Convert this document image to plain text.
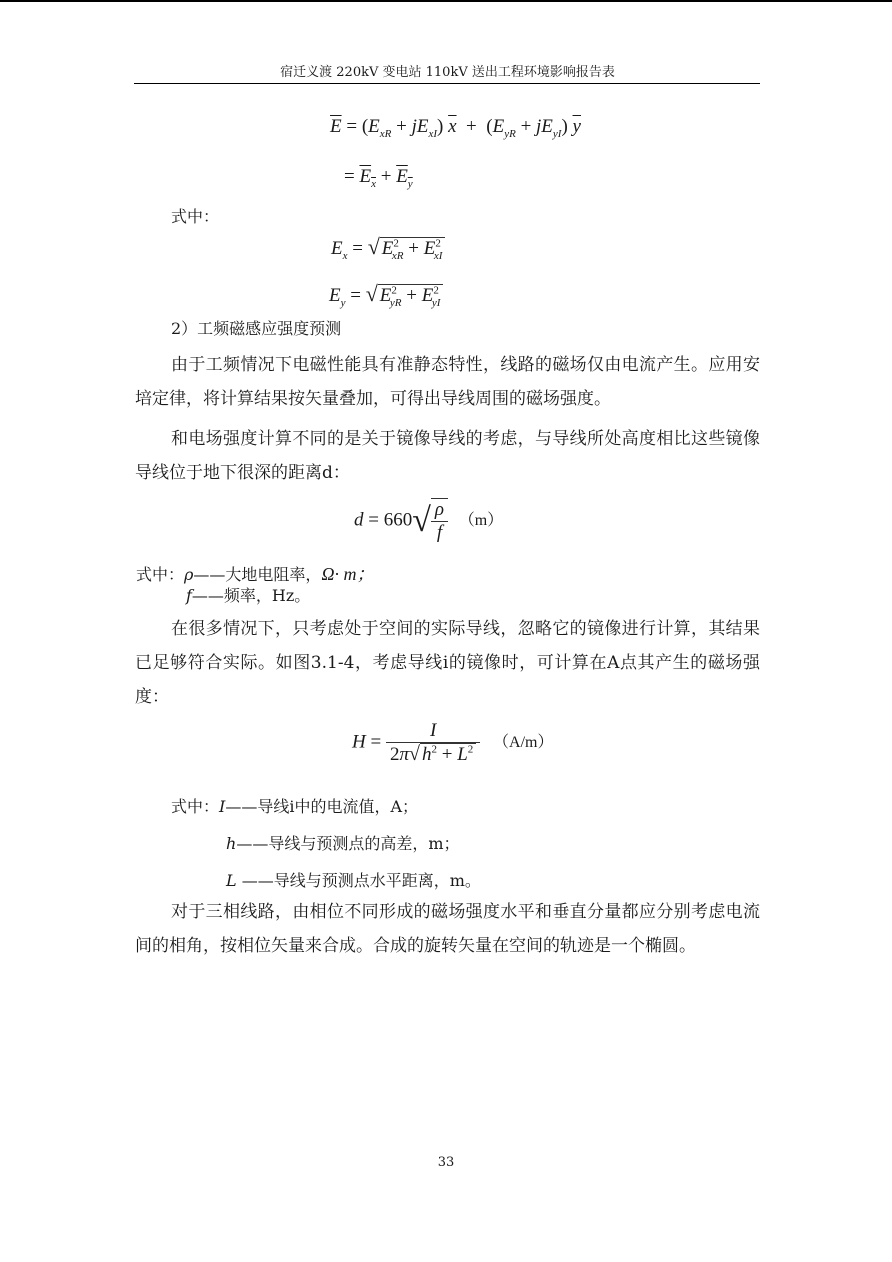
宿迁义渡 220kV 变电站 110kV 送出工程环境影响报告表
$\overline{E} = (E_{xR} + jE_{xI}) \overline{x} + (E_{yR} + jE_{yI})$ $\overline{y}$
= $E_x + E_y$
式中：
$E_x$ = √ $E^2_{xR} + E^2_{xI}$
$E_y$ = √ $E^2_{yR} + E^2_{yI}$
2）工频磁感应强度预测

由于工频情况下电磁性能具有准静态特性，线路的磁场仅由电流产生。应用安培定律，将计算结果按矢量叠加，可得出导线周围的磁场强度。

和电场强度计算不同的是关于镜像导线的考虑，与导线所处高度相比这些镜像导线位于地下很深的距离d：

$d = 660√ \frac{\rho}{f} (m)$
式中：ρ——大地电阻率，Ω· m；
f——频率，Hz。

在很多情况下，只考虑处于空间的实际导线，忽略它的镜像进行计算，其结果已足够符合实际。如图3.1-4，考虑导线i的镜像时，可计算在A点其产生的磁场强度：

$H = \frac{I}{2\pi√ h^2 + L^2} (A/m)$
式中：I——导线i中的电流值，A；
h——导线与预测点的高差，m；
L ——导线与预测点水平距离，m。

对于三相线路，由相位不同形成的磁场强度水平和垂直分量都应分别考虑电流间的相角，按相位矢量来合成。合成的旋转矢量在空间的轨迹是一个椭圆。

33
